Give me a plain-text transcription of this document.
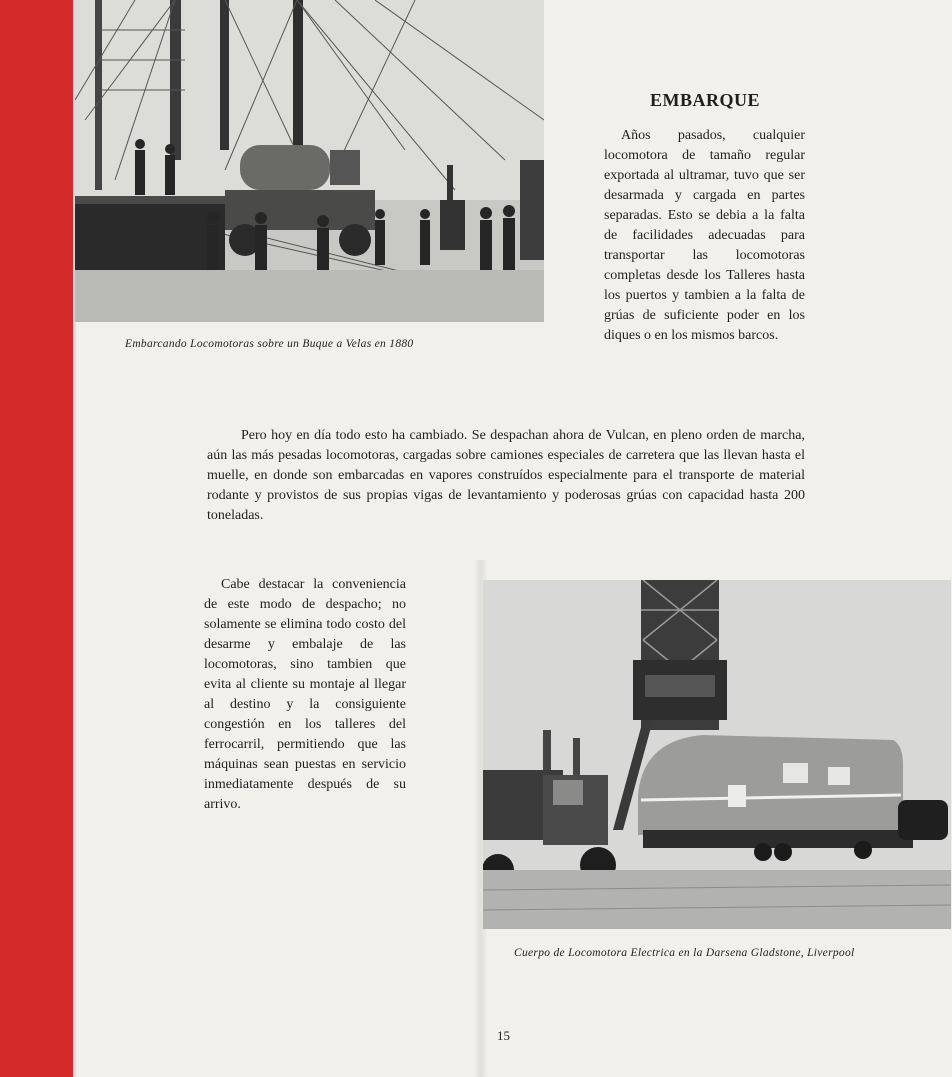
Embarcando Locomotoras sobre un Buque a Velas en 1880
EMBARQUE

Años pasados, cualquier locomotora de tamaño regular exportada al ultramar, tuvo que ser desarmada y cargada en partes separadas. Esto se debia a la falta de facilidades adecuadas para transportar las locomotoras completas desde los Talleres hasta los puertos y tambien a la falta de grúas de suficiente poder en los diques o en los mismos barcos.

Pero hoy en día todo esto ha cambiado. Se despachan ahora de Vulcan, en pleno orden de marcha, aún las más pesadas locomotoras, cargadas sobre camiones especiales de carretera que las llevan hasta el muelle, en donde son embarcadas en vapores construídos especialmente para el transporte de material rodante y provistos de sus propias vigas de levantamiento y poderosas grúas con capacidad hasta 200 toneladas.

Cabe destacar la conveniencia de este modo de despacho; no solamente se elimina todo costo del desarme y embalaje de las locomotoras, sino tambien que evita al cliente su montaje al llegar al destino y la consiguiente congestión en los talleres del ferrocarril, permitiendo que las máquinas sean puestas en servicio inmediatamente después de su arrivo.

Cuerpo de Locomotora Electrica en la Darsena Gladstone, Liverpool
15
